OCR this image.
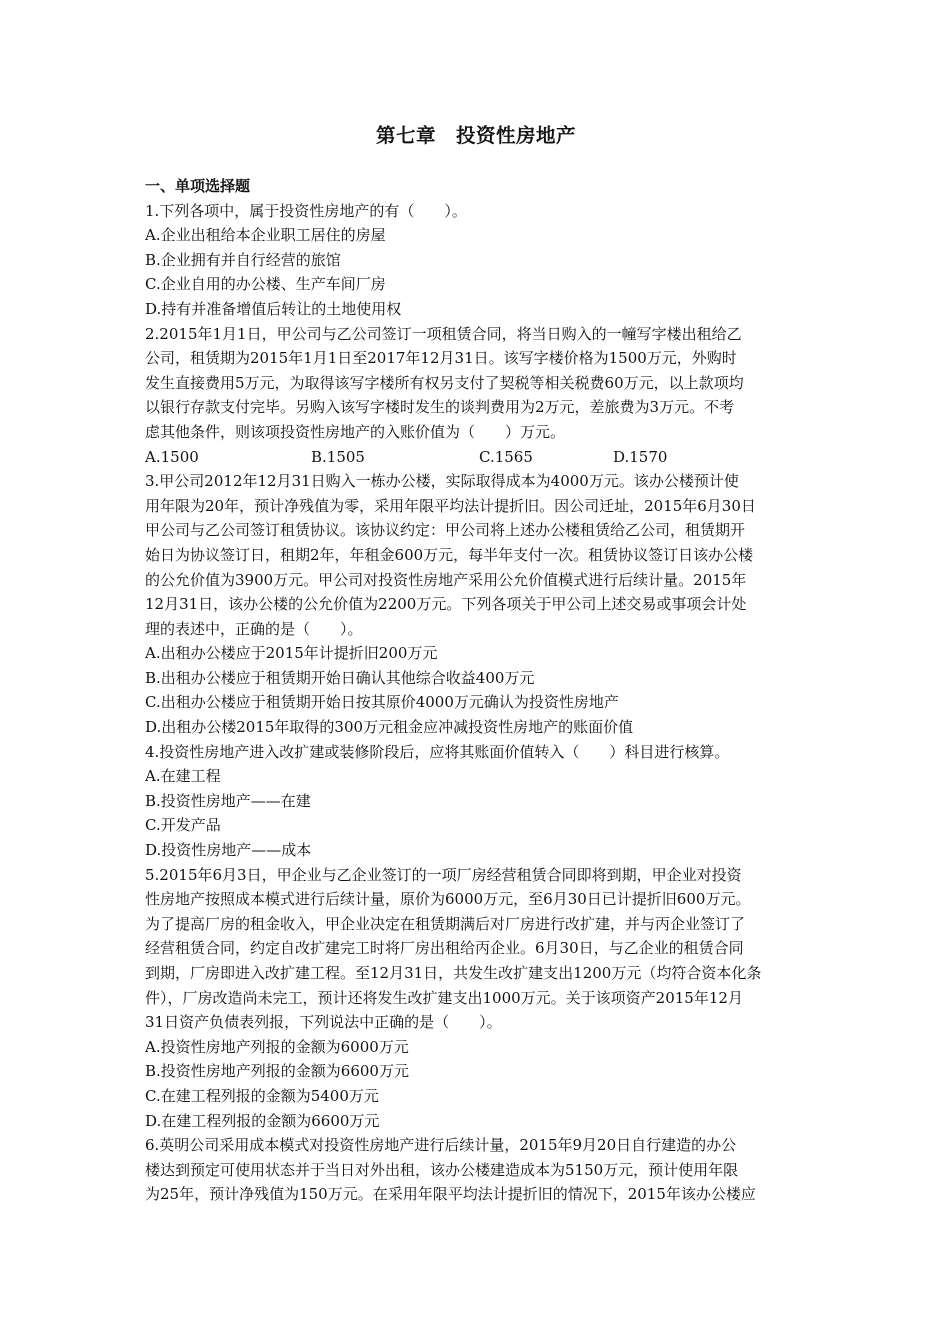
第七章　投资性房地产
一、单项选择题
1.下列各项中，属于投资性房地产的有（　　）。
A.企业出租给本企业职工居住的房屋
B.企业拥有并自行经营的旅馆
C.企业自用的办公楼、生产车间厂房
D.持有并准备增值后转让的土地使用权
2.2015年1月1日，甲公司与乙公司签订一项租赁合同，将当日购入的一幢写字楼出租给乙
公司，租赁期为2015年1月1日至2017年12月31日。该写字楼价格为1500万元，外购时
发生直接费用5万元，为取得该写字楼所有权另支付了契税等相关税费60万元，以上款项均
以银行存款支付完毕。另购入该写字楼时发生的谈判费用为2万元，差旅费为3万元。不考
虑其他条件，则该项投资性房地产的入账价值为（　　）万元。
A.1500	B.1505	C.1565	D.1570
3.甲公司2012年12月31日购入一栋办公楼，实际取得成本为4000万元。该办公楼预计使
用年限为20年，预计净残值为零，采用年限平均法计提折旧。因公司迁址，2015年6月30日
甲公司与乙公司签订租赁协议。该协议约定：甲公司将上述办公楼租赁给乙公司，租赁期开
始日为协议签订日，租期2年，年租金600万元，每半年支付一次。租赁协议签订日该办公楼
的公允价值为3900万元。甲公司对投资性房地产采用公允价值模式进行后续计量。2015年
12月31日，该办公楼的公允价值为2200万元。下列各项关于甲公司上述交易或事项会计处
理的表述中，正确的是（　　）。
A.出租办公楼应于2015年计提折旧200万元
B.出租办公楼应于租赁期开始日确认其他综合收益400万元
C.出租办公楼应于租赁期开始日按其原价4000万元确认为投资性房地产
D.出租办公楼2015年取得的300万元租金应冲减投资性房地产的账面价值
4.投资性房地产进入改扩建或装修阶段后，应将其账面价值转入（　　）科目进行核算。
A.在建工程
B.投资性房地产——在建
C.开发产品
D.投资性房地产——成本
5.2015年6月3日，甲企业与乙企业签订的一项厂房经营租赁合同即将到期，甲企业对投资
性房地产按照成本模式进行后续计量，原价为6000万元，至6月30日已计提折旧600万元。
为了提高厂房的租金收入，甲企业决定在租赁期满后对厂房进行改扩建，并与丙企业签订了
经营租赁合同，约定自改扩建完工时将厂房出租给丙企业。6月30日，与乙企业的租赁合同
到期，厂房即进入改扩建工程。至12月31日，共发生改扩建支出1200万元（均符合资本化条
件），厂房改造尚未完工，预计还将发生改扩建支出1000万元。关于该项资产2015年12月
31日资产负债表列报，下列说法中正确的是（　　）。
A.投资性房地产列报的金额为6000万元
B.投资性房地产列报的金额为6600万元
C.在建工程列报的金额为5400万元
D.在建工程列报的金额为6600万元
6.英明公司采用成本模式对投资性房地产进行后续计量，2015年9月20日自行建造的办公
楼达到预定可使用状态并于当日对外出租，该办公楼建造成本为5150万元，预计使用年限
为25年，预计净残值为150万元。在采用年限平均法计提折旧的情况下，2015年该办公楼应
